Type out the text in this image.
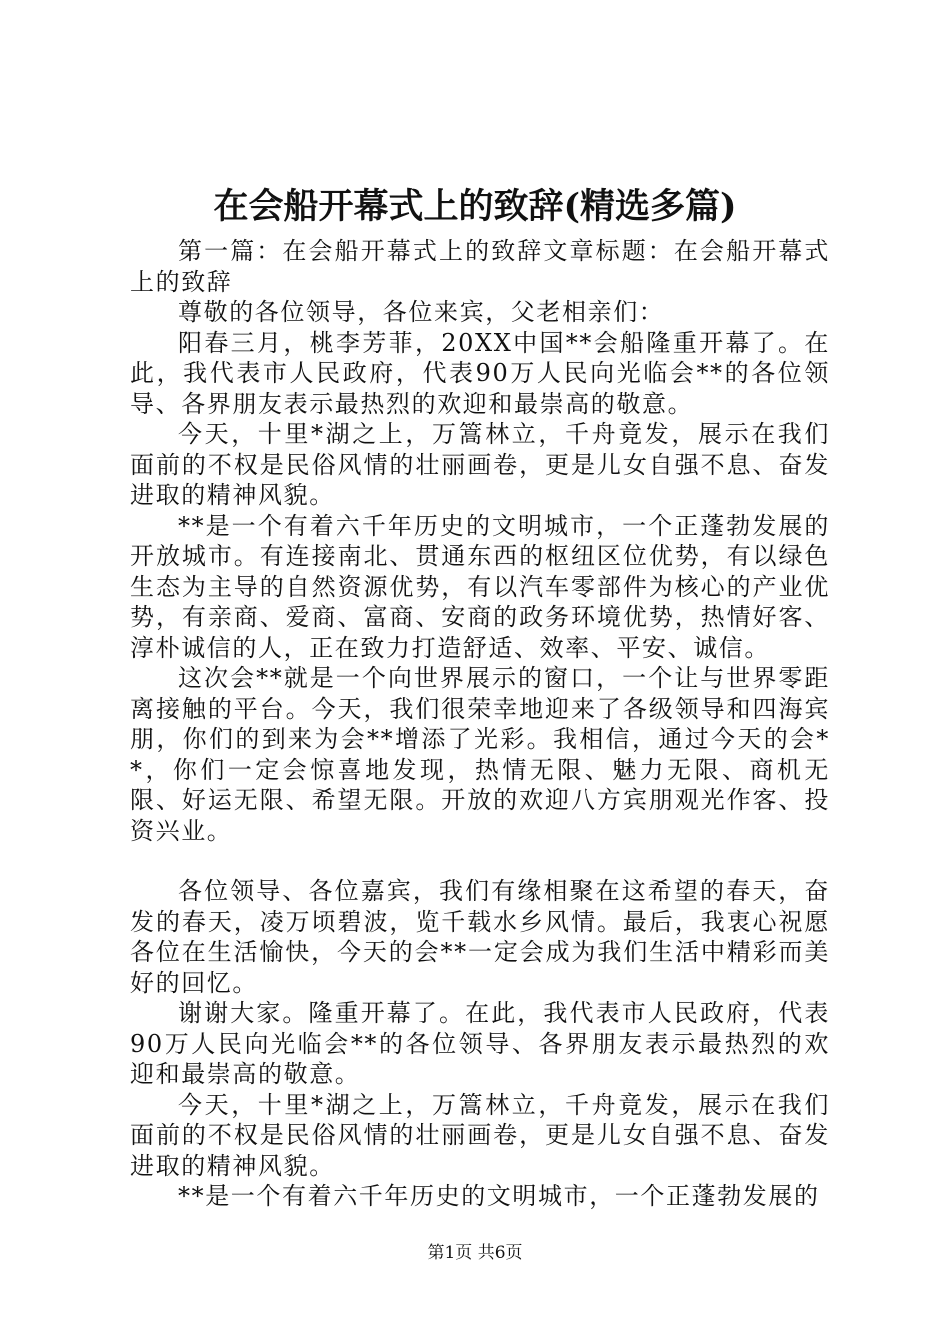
在会船开幕式上的致辞(精选多篇)

第一篇：在会船开幕式上的致辞文章标题：在会船开幕式上的致辞

尊敬的各位领导，各位来宾，父老相亲们：

阳春三月，桃李芳菲，20XX中国**会船隆重开幕了。在此，我代表市人民政府，代表90万人民向光临会**的各位领导、各界朋友表示最热烈的欢迎和最崇高的敬意。

今天，十里*湖之上，万篙林立，千舟竟发，展示在我们面前的不权是民俗风情的壮丽画卷，更是儿女自强不息、奋发进取的精神风貌。

**是一个有着六千年历史的文明城市，一个正蓬勃发展的开放城市。有连接南北、贯通东西的枢纽区位优势，有以绿色生态为主导的自然资源优势，有以汽车零部件为核心的产业优势，有亲商、爱商、富商、安商的政务环境优势，热情好客、淳朴诚信的人，正在致力打造舒适、效率、平安、诚信。

这次会**就是一个向世界展示的窗口，一个让与世界零距离接触的平台。今天，我们很荣幸地迎来了各级领导和四海宾朋，你们的到来为会**增添了光彩。我相信，通过今天的会**，你们一定会惊喜地发现，热情无限、魅力无限、商机无限、好运无限、希望无限。开放的欢迎八方宾朋观光作客、投资兴业。

各位领导、各位嘉宾，我们有缘相聚在这希望的春天，奋发的春天，凌万顷碧波，览千载水乡风情。最后，我衷心祝愿各位在生活愉快，今天的会**一定会成为我们生活中精彩而美好的回忆。

谢谢大家。隆重开幕了。在此，我代表市人民政府，代表90万人民向光临会**的各位领导、各界朋友表示最热烈的欢迎和最崇高的敬意。

今天，十里*湖之上，万篙林立，千舟竟发，展示在我们面前的不权是民俗风情的壮丽画卷，更是儿女自强不息、奋发进取的精神风貌。

**是一个有着六千年历史的文明城市，一个正蓬勃发展的

第1页 共6页
